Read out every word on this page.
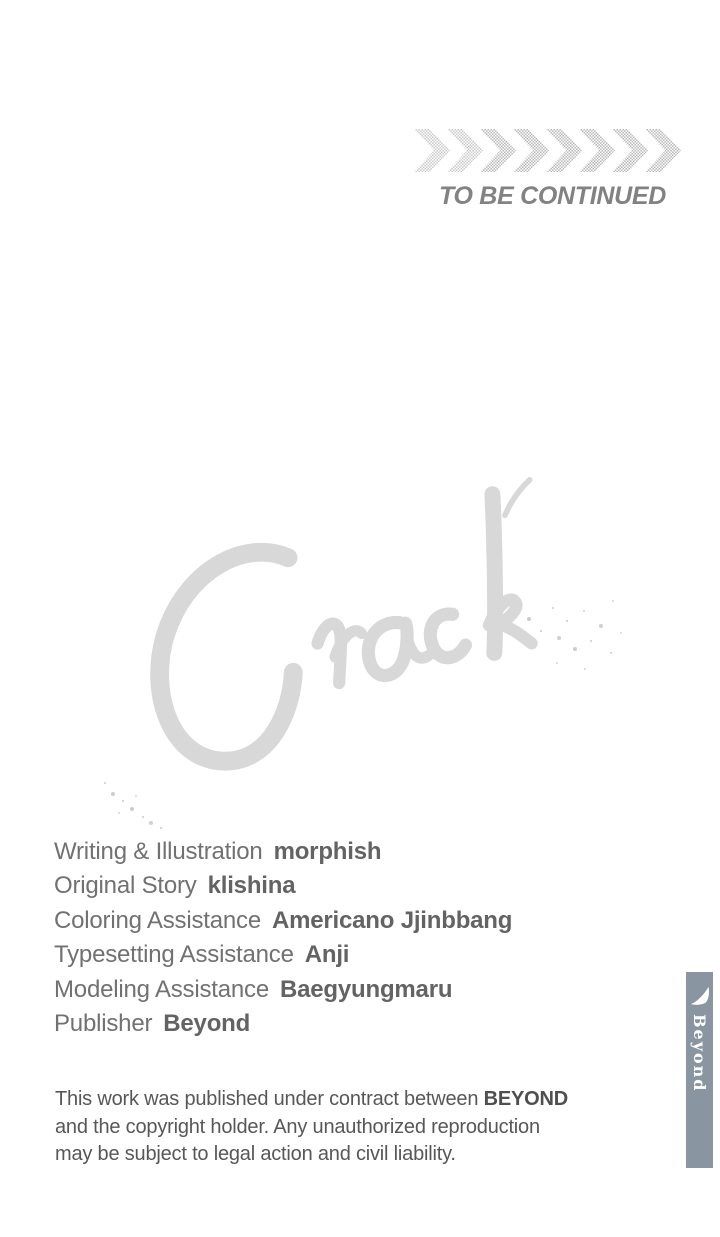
TO BE CONTINUED
Writing & Illustration morphish
Original Story klishina
Coloring Assistance Americano Jjinbbang
Typesetting Assistance Anji
Modeling Assistance Baegyungmaru
Publisher Beyond
This work was published under contract between BEYOND
and the copyright holder. Any unauthorized reproduction
may be subject to legal action and civil liability.
Beyond
